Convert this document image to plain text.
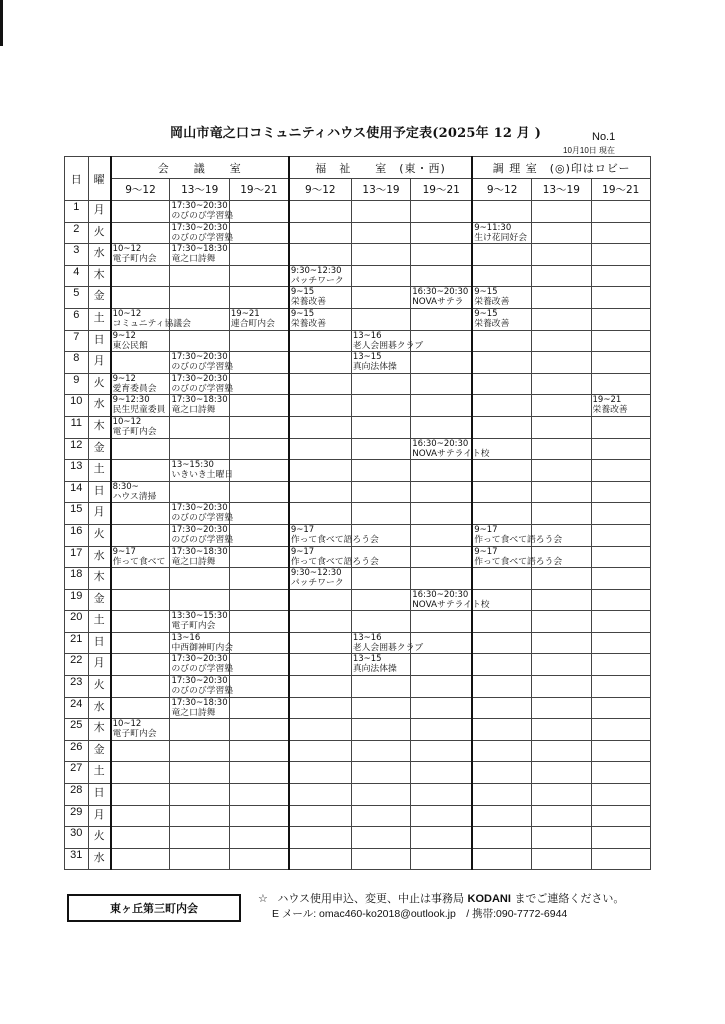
岡山市竜之口コミュニティハウス使用予定表(2025年 12 月 )	No.1
10月10日 現在
日	曜	会　　議　　室			福　祉　　室　(東・西)			調 理 室　(◎)印はロビー		
		9～12	13～19	19～21	9～12	13～19	19～21	9～12	13～19	19～21
1	月		17:30~20:30
のびのび学習塾							

2	火		17:30~20:30
のびのび学習塾					9~11:30
生け花同好会		

3	水	10~12
電子町内会	17:30~18:30
竜之口詩舞							

4	木				9:30~12:30
パッチワーク					

5	金				9~15
栄養改善		16:30~20:30
NOVAサテラ	9~15
栄養改善		

6	土	10~12
コミュニティ協議会		19~21
連合町内会	9~15
栄養改善			9~15
栄養改善		

7	日	9~12
東公民館				13~16
老人会囲碁クラブ				

8	月		17:30~20:30
のびのび学習塾			13~15
真向法体操				

9	火	9~12
愛育委員会	17:30~20:30
のびのび学習塾							

10	水	9~12:30
民生児童委員	17:30~18:30
竜之口詩舞							19~21
栄養改善

11	木	10~12
電子町内会								

12	金						16:30~20:30
NOVAサテライト校			

13	土		13~15:30
いきいき土曜日							

14	日	8:30~
ハウス清掃								

15	月		17:30~20:30
のびのび学習塾							

16	火		17:30~20:30
のびのび学習塾		9~17
作って食べて語ろう会			9~17
作って食べて語ろう会		

17	水	9~17
作って食べて	17:30~18:30
竜之口詩舞		9~17
作って食べて語ろう会			9~17
作って食べて語ろう会		

18	木				9:30~12:30
パッチワーク					

19	金						16:30~20:30
NOVAサテライト校			

20	土		13:30~15:30
電子町内会							

21	日		13~16
中西御神町内会			13~16
老人会囲碁クラブ				

22	月		17:30~20:30
のびのび学習塾			13~15
真向法体操				

23	火		17:30~20:30
のびのび学習塾							

24	水		17:30~18:30
竜之口詩舞							

25	木	10~12
電子町内会								

26	金									
27	土									
28	日									
29	月									
30	火									
31	水									
東ヶ丘第三町内会
☆ ハウス使用申込、変更、中止は事務局 KODANI までご連絡ください。
E メール: omac460-ko2018@outlook.jp　/ 携帯:090-7772-6944
